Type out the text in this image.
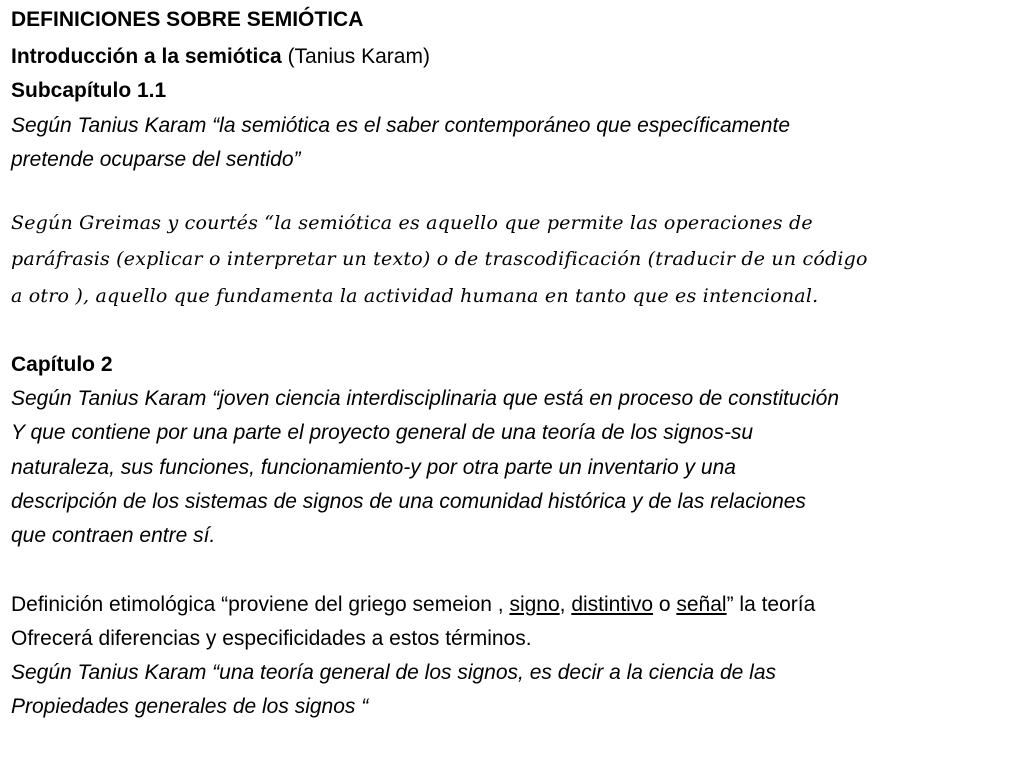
DEFINICIONES SOBRE SEMIÓTICA
Introducción a la semiótica (Tanius Karam)
Subcapítulo 1.1
Según Tanius Karam “la semiótica es el saber contemporáneo que específicamente
pretende ocuparse del sentido”
Según Greimas y courtés “la semiótica es aquello que permite las operaciones de
paráfrasis (explicar o interpretar un texto) o de trascodificación (traducir de un código
a otro ), aquello que fundamenta la actividad humana en tanto que es intencional.
Capítulo 2
Según Tanius Karam “joven ciencia interdisciplinaria que está en proceso de constitución
Y que contiene por una parte el proyecto general de una teoría de los signos-su
naturaleza, sus funciones, funcionamiento-y por otra parte un inventario y una
descripción de los sistemas de signos de una comunidad histórica y de las relaciones
que contraen entre sí.
Definición etimológica “proviene del griego semeion , signo, distintivo o señal” la teoría
Ofrecerá diferencias y especificidades a estos términos.
Según Tanius Karam “una teoría general de los signos, es decir a la ciencia de las
Propiedades generales de los signos “
